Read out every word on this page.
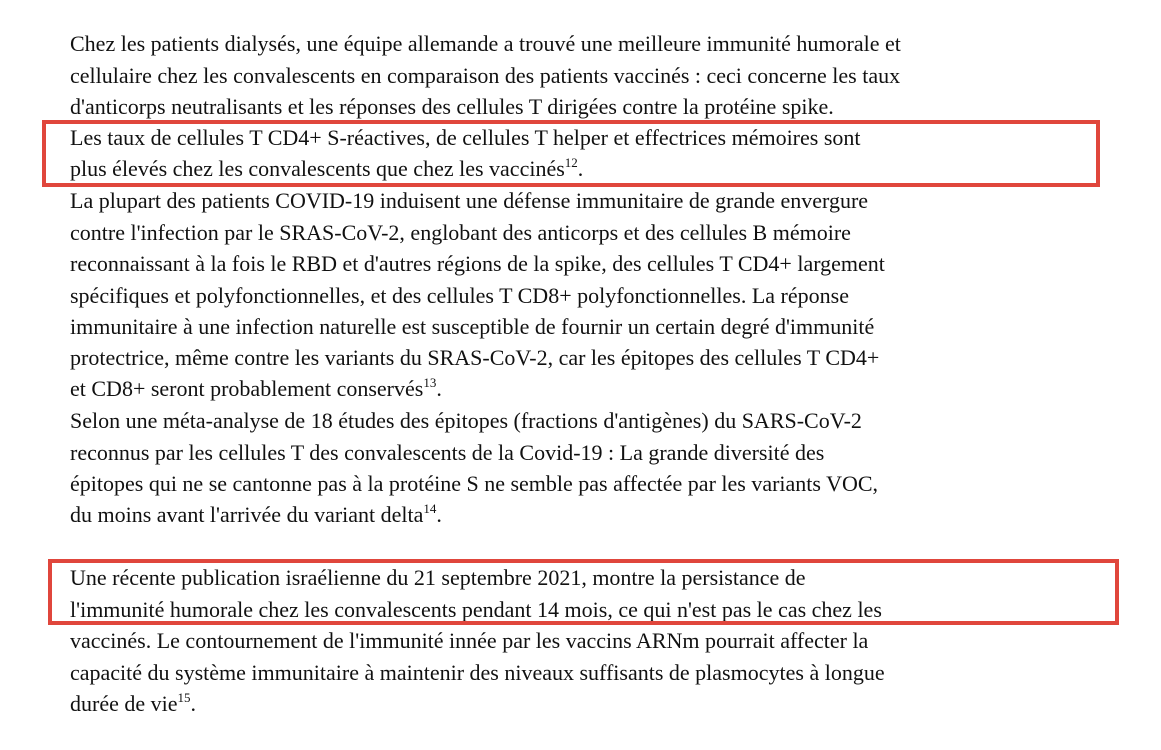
Chez les patients dialysés, une équipe allemande a trouvé une meilleure immunité humorale et
cellulaire chez les convalescents en comparaison des patients vaccinés : ceci concerne les taux
d'anticorps neutralisants et les réponses des cellules T dirigées contre la protéine spike.
Les taux de cellules T CD4+ S-réactives, de cellules T helper et effectrices mémoires sont
plus élevés chez les convalescents que chez les vaccinés$^{12}$.
La plupart des patients COVID-19 induisent une défense immunitaire de grande envergure
contre l'infection par le SRAS-CoV-2, englobant des anticorps et des cellules B mémoire
reconnaissant à la fois le RBD et d'autres régions de la spike, des cellules T CD4+ largement
spécifiques et polyfonctionnelles, et des cellules T CD8+ polyfonctionnelles. La réponse
immunitaire à une infection naturelle est susceptible de fournir un certain degré d'immunité
protectrice, même contre les variants du SRAS-CoV-2, car les épitopes des cellules T CD4+
et CD8+ seront probablement conservés$^{13}$.
Selon une méta-analyse de 18 études des épitopes (fractions d'antigènes) du SARS-CoV-2
reconnus par les cellules T des convalescents de la Covid-19 : La grande diversité des
épitopes qui ne se cantonne pas à la protéine S ne semble pas affectée par les variants VOC,
du moins avant l'arrivée du variant delta$^{14}$.
Une récente publication israélienne du 21 septembre 2021, montre la persistance de
l'immunité humorale chez les convalescents pendant 14 mois, ce qui n'est pas le cas chez les
vaccinés. Le contournement de l'immunité innée par les vaccins ARNm pourrait affecter la
capacité du système immunitaire à maintenir des niveaux suffisants de plasmocytes à longue
durée de vie$^{15}$.
